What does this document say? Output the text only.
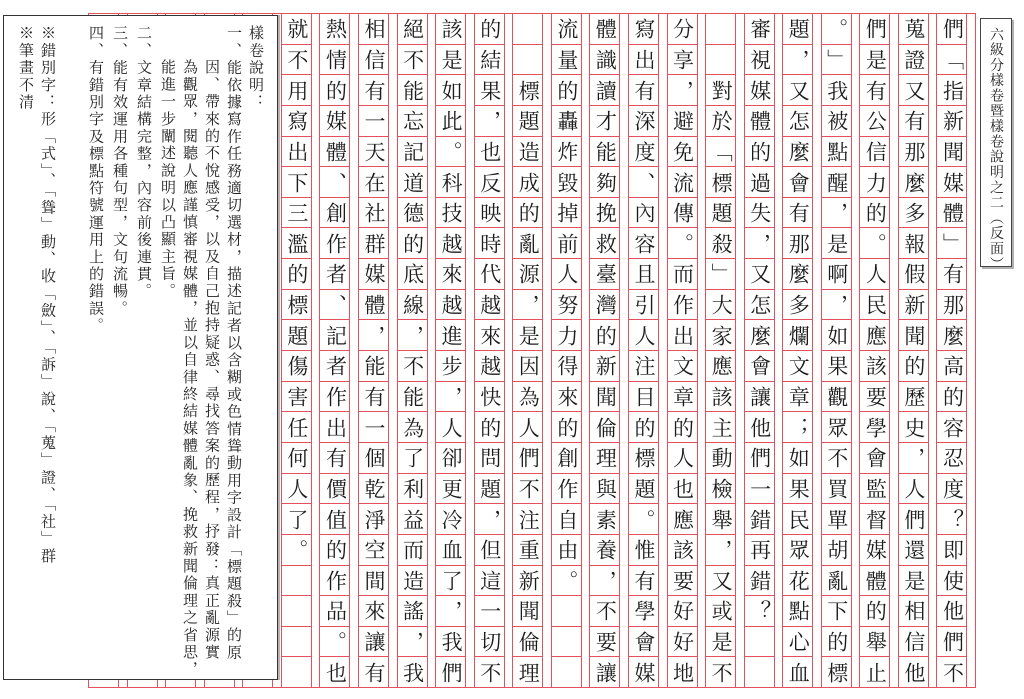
們
「
指
新
聞
媒
體
」
有
那
麼
高
的
容
忍
度
？
即
使
他
們
不
蒐
證
又
有
那
麼
多
報
假
新
聞
的
歷
史
，
人
們
還
是
相
信
他
們
是
有
公
信
力
的
。
人
民
應
該
要
學
會
監
督
媒
體
的
舉
止
。
」
我
被
點
醒
，
是
啊
，
如
果
觀
眾
不
買
單
胡
亂
下
的
標
題
，
又
怎
麼
會
有
那
麼
多
爛
文
章
；
如
果
民
眾
花
點
心
血
審
視
媒
體
的
過
失
，
又
怎
麼
會
讓
他
們
一
錯
再
錯
？
對
於
「
標
題
殺
」
大
家
應
該
主
動
檢
舉
，
又
或
是
不
分
享
，
避
免
流
傳
。
而
作
出
文
章
的
人
也
應
該
要
好
好
地
寫
出
有
深
度
、
內
容
且
引
人
注
目
的
標
題
。
惟
有
學
會
媒
體
識
讀
才
能
夠
挽
救
臺
灣
的
新
聞
倫
理
與
素
養
，
不
要
讓
流
量
的
轟
炸
毀
掉
前
人
努
力
得
來
的
創
作
自
由
。
標
題
造
成
的
亂
源
，
是
因
為
人
們
不
注
重
新
聞
倫
理
的
結
果
，
也
反
映
時
代
越
來
越
快
的
問
題
，
但
這
一
切
不
該
是
如
此
。
科
技
越
來
越
進
步
，
人
卻
更
冷
血
了
，
我
們
絕
不
能
忘
記
道
德
的
底
線
，
不
能
為
了
利
益
而
造
謠
，
我
相
信
有
一
天
在
社
群
媒
體
，
能
有
一
個
乾
淨
空
間
來
讓
有
熱
情
的
媒
體
、
創
作
者
、
記
者
作
出
有
價
值
的
作
品
。
也
就
不
用
寫
出
下
三
濫
的
標
題
傷
害
任
何
人
了
。
樣卷說明：
一、能依據寫作任務適切選材，描述記者以含糊或色情聳動用字設計「標題殺」的原
因、帶來的不悅感受，以及自己抱持疑惑、尋找答案的歷程，抒發：真正亂源實
為觀眾，閱聽人應謹慎審視媒體，並以自律終結媒體亂象、挽救新聞倫理之省思，
能進一步闡述說明以凸顯主旨。
二、文章結構完整，內容前後連貫。
三、能有效運用各種句型，文句流暢。
四、有錯別字及標點符號運用上的錯誤。
※錯別字：形「式」、「聳」動、收「斂」、「訴」說、「蒐」證、「社」群
※筆畫不清	六級分樣卷暨樣卷說明之二（反面）
